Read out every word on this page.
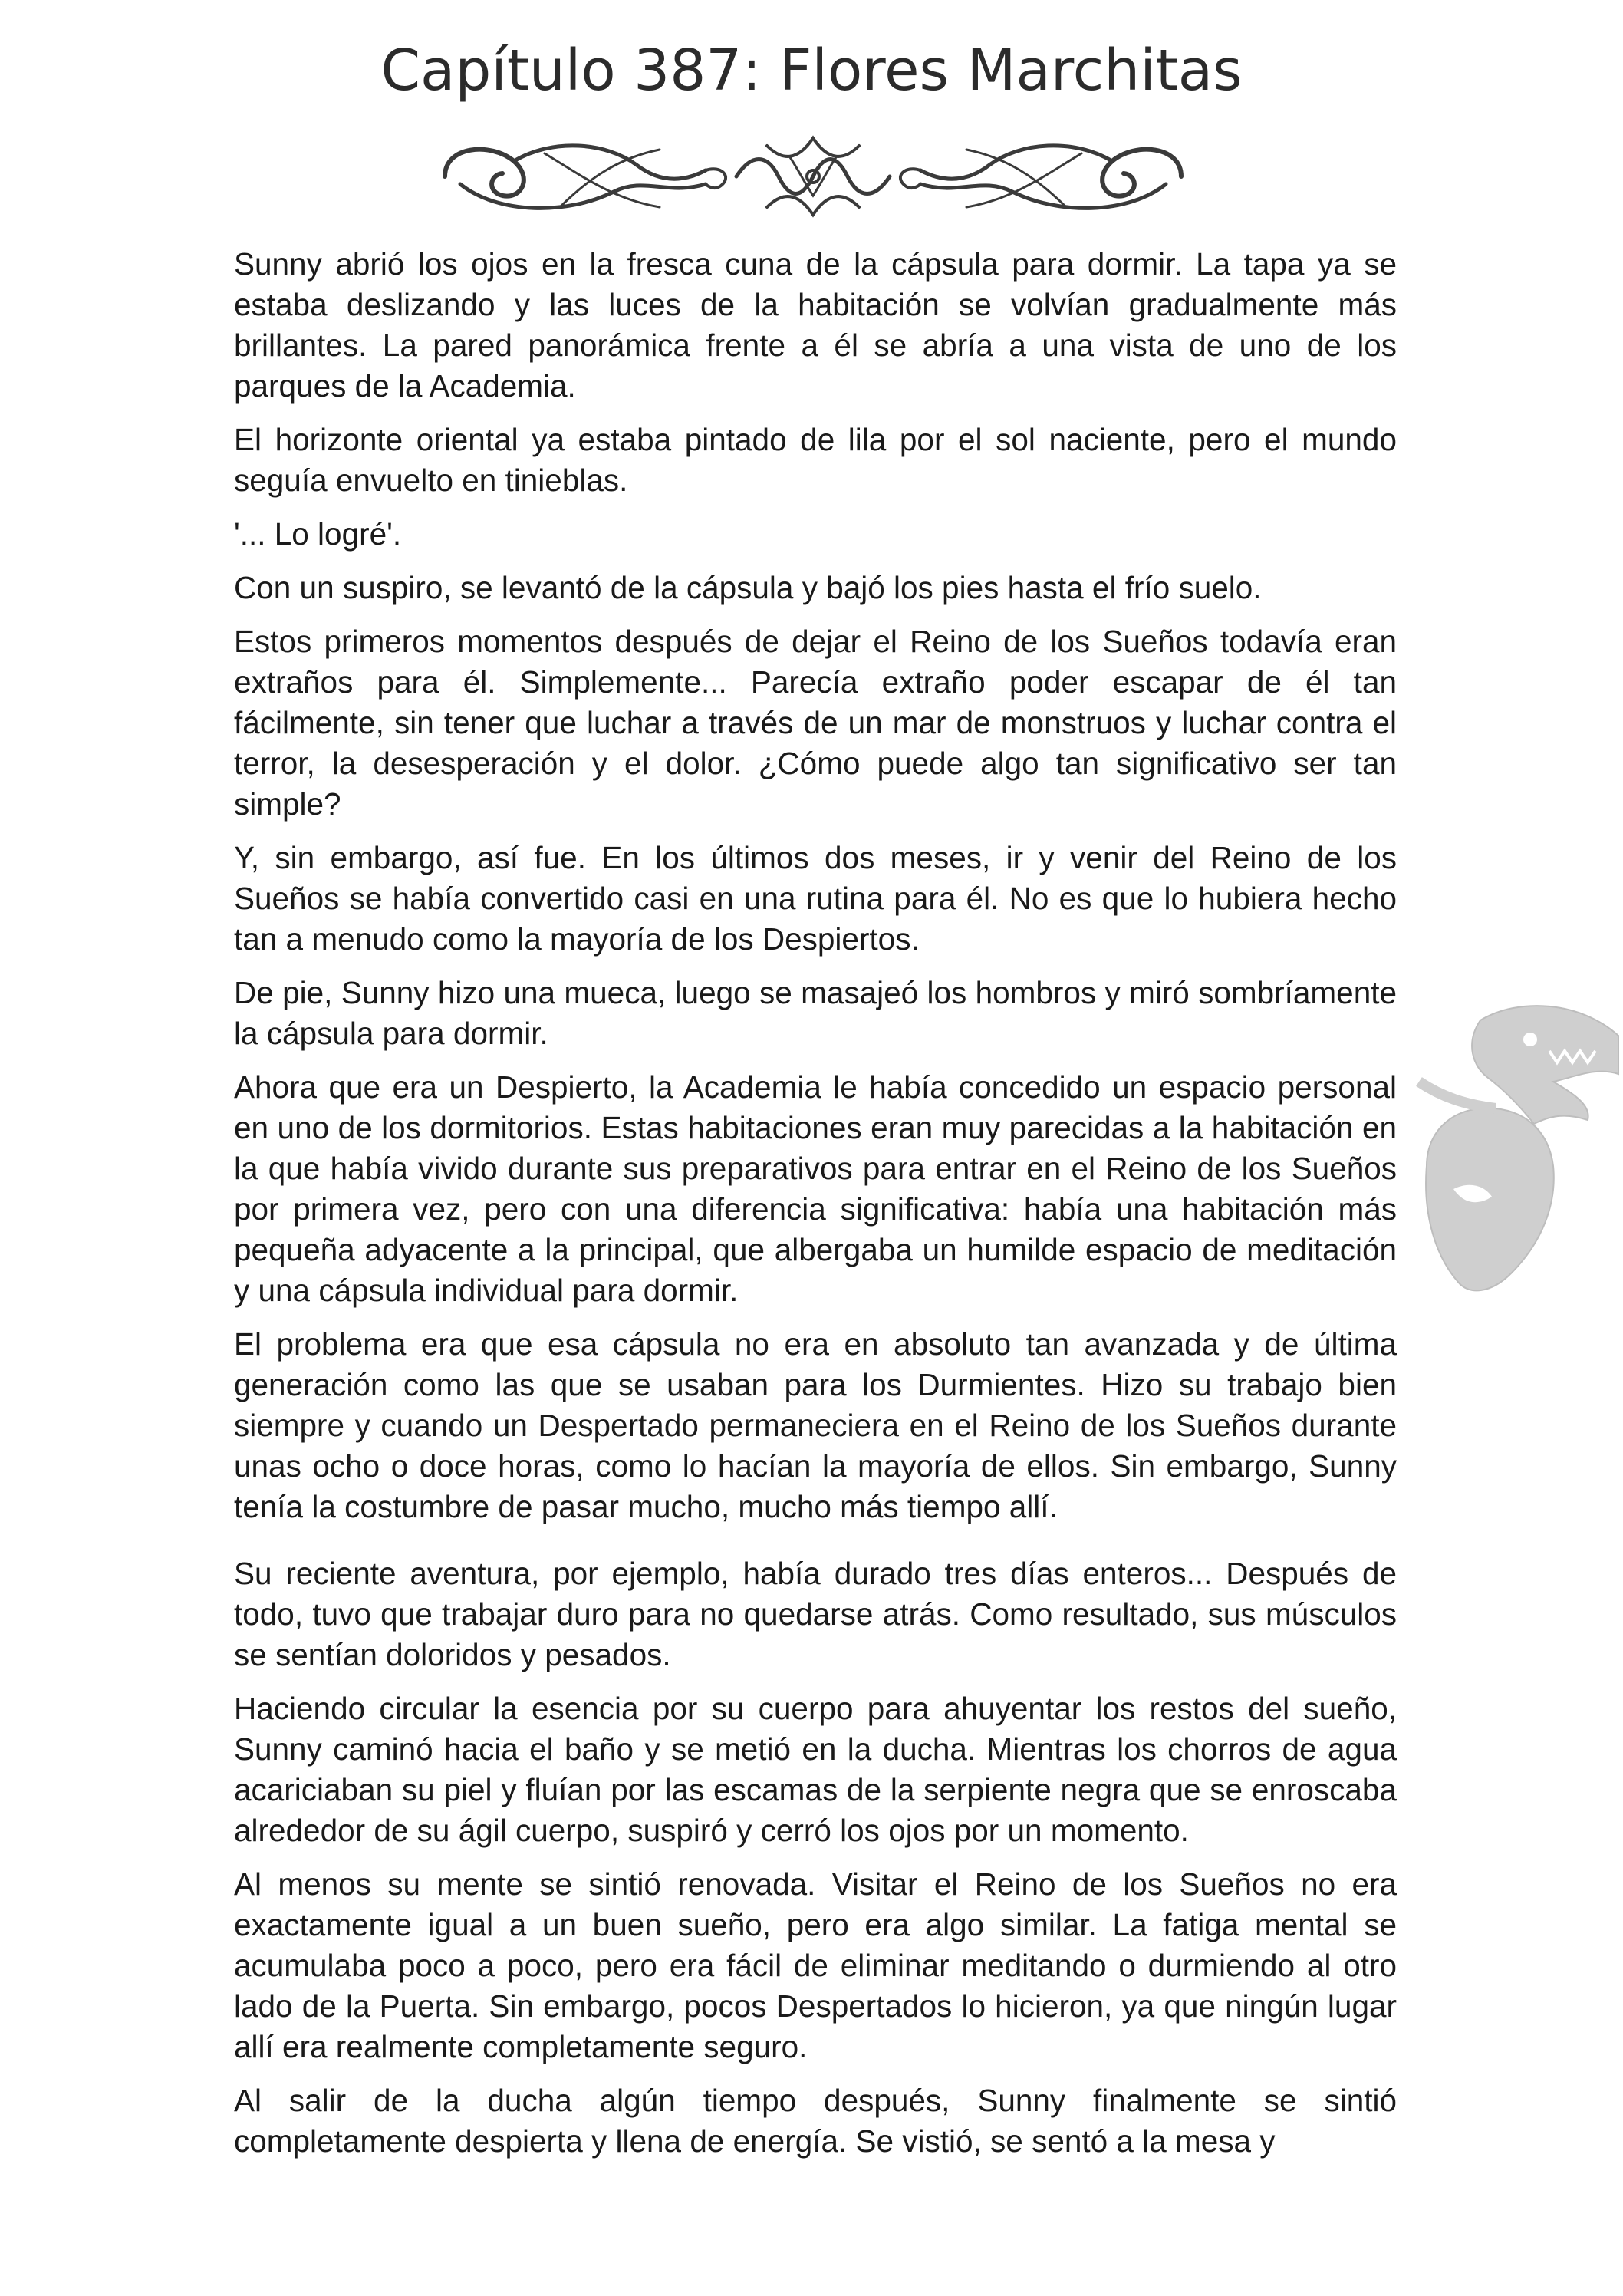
Capítulo 387: Flores Marchitas

Sunny abrió los ojos en la fresca cuna de la cápsula para dormir. La tapa ya se estaba deslizando y las luces de la habitación se volvían gradualmente más brillantes. La pared panorámica frente a él se abría a una vista de uno de los parques de la Academia.

El horizonte oriental ya estaba pintado de lila por el sol naciente, pero el mundo seguía envuelto en tinieblas.

'... Lo logré'.

Con un suspiro, se levantó de la cápsula y bajó los pies hasta el frío suelo.

Estos primeros momentos después de dejar el Reino de los Sueños todavía eran extraños para él. Simplemente... Parecía extraño poder escapar de él tan fácilmente, sin tener que luchar a través de un mar de monstruos y luchar contra el terror, la desesperación y el dolor. ¿Cómo puede algo tan significativo ser tan simple?

Y, sin embargo, así fue. En los últimos dos meses, ir y venir del Reino de los Sueños se había convertido casi en una rutina para él. No es que lo hubiera hecho tan a menudo como la mayoría de los Despiertos.

De pie, Sunny hizo una mueca, luego se masajeó los hombros y miró sombríamente la cápsula para dormir.

Ahora que era un Despierto, la Academia le había concedido un espacio personal en uno de los dormitorios. Estas habitaciones eran muy parecidas a la habitación en la que había vivido durante sus preparativos para entrar en el Reino de los Sueños por primera vez, pero con una diferencia significativa: había una habitación más pequeña adyacente a la principal, que albergaba un humilde espacio de meditación y una cápsula individual para dormir.

El problema era que esa cápsula no era en absoluto tan avanzada y de última generación como las que se usaban para los Durmientes. Hizo su trabajo bien siempre y cuando un Despertado permaneciera en el Reino de los Sueños durante unas ocho o doce horas, como lo hacían la mayoría de ellos. Sin embargo, Sunny tenía la costumbre de pasar mucho, mucho más tiempo allí.

Su reciente aventura, por ejemplo, había durado tres días enteros... Después de todo, tuvo que trabajar duro para no quedarse atrás. Como resultado, sus músculos se sentían doloridos y pesados.

Haciendo circular la esencia por su cuerpo para ahuyentar los restos del sueño, Sunny caminó hacia el baño y se metió en la ducha. Mientras los chorros de agua acariciaban su piel y fluían por las escamas de la serpiente negra que se enroscaba alrededor de su ágil cuerpo, suspiró y cerró los ojos por un momento.

Al menos su mente se sintió renovada. Visitar el Reino de los Sueños no era exactamente igual a un buen sueño, pero era algo similar. La fatiga mental se acumulaba poco a poco, pero era fácil de eliminar meditando o durmiendo al otro lado de la Puerta. Sin embargo, pocos Despertados lo hicieron, ya que ningún lugar allí era realmente completamente seguro.

Al salir de la ducha algún tiempo después, Sunny finalmente se sintió completamente despierta y llena de energía. Se vistió, se sentó a la mesa y
